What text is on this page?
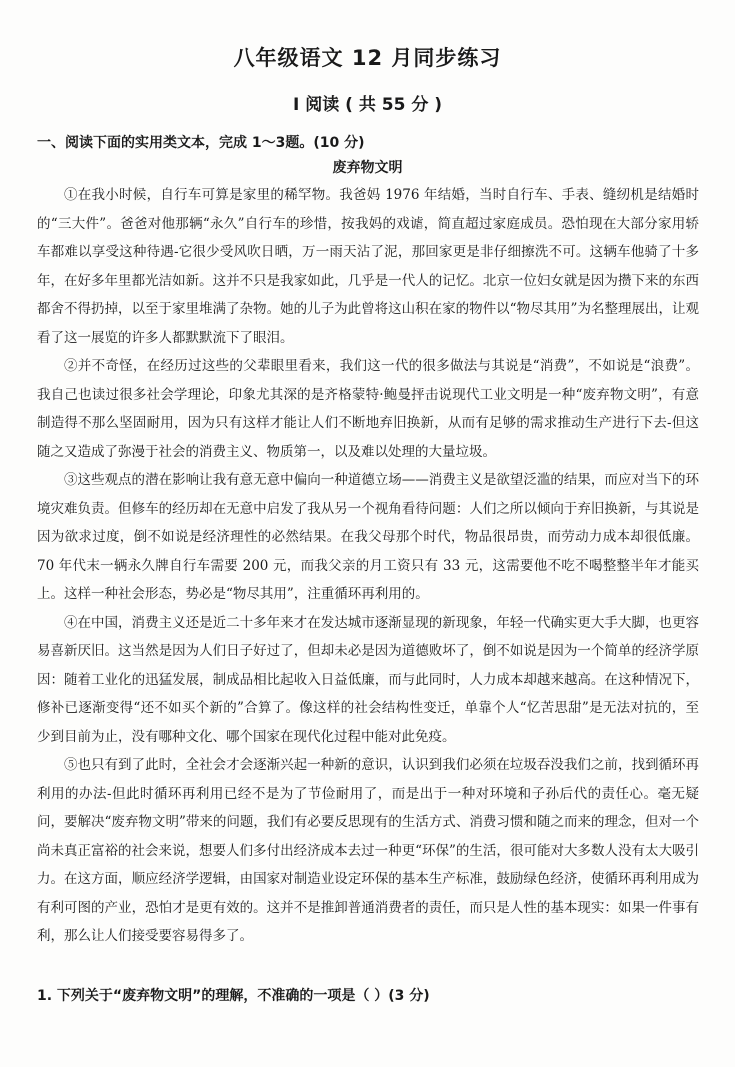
八年级语文 12 月同步练习
I 阅读 ( 共 55 分 )
一、阅读下面的实用类文本，完成 1～3题。(10 分)
废弃物文明

①在我小时候，自行车可算是家里的稀罕物。我爸妈 1976 年结婚，当时自行车、手表、缝纫机是结婚时的“三大件”。爸爸对他那辆“永久”自行车的珍惜，按我妈的戏谑，简直超过家庭成员。恐怕现在大部分家用轿车都难以享受这种待遇-它很少受风吹日晒，万一雨天沾了泥，那回家更是非仔细擦洗不可。这辆车他骑了十多年，在好多年里都光洁如新。这并不只是我家如此，几乎是一代人的记忆。北京一位妇女就是因为攒下来的东西都舍不得扔掉，以至于家里堆满了杂物。她的儿子为此曾将这山积在家的物件以“物尽其用”为名整理展出，让观看了这一展览的许多人都默默流下了眼泪。

②并不奇怪，在经历过这些的父辈眼里看来，我们这一代的很多做法与其说是“消费”，不如说是“浪费”。我自己也读过很多社会学理论，印象尤其深的是齐格蒙特·鲍曼抨击说现代工业文明是一种“废弃物文明”，有意制造得不那么坚固耐用，因为只有这样才能让人们不断地弃旧换新，从而有足够的需求推动生产进行下去-但这随之又造成了弥漫于社会的消费主义、物质第一，以及难以处理的大量垃圾。

③这些观点的潜在影响让我有意无意中偏向一种道德立场——消费主义是欲望泛滥的结果，而应对当下的环境灾难负责。但修车的经历却在无意中启发了我从另一个视角看待问题：人们之所以倾向于弃旧换新，与其说是因为欲求过度，倒不如说是经济理性的必然结果。在我父母那个时代，物品很昂贵，而劳动力成本却很低廉。70 年代末一辆永久牌自行车需要 200 元，而我父亲的月工资只有 33 元，这需要他不吃不喝整整半年才能买上。这样一种社会形态，势必是“物尽其用”，注重循环再利用的。

④在中国，消费主义还是近二十多年来才在发达城市逐渐显现的新现象，年轻一代确实更大手大脚，也更容易喜新厌旧。这当然是因为人们日子好过了，但却未必是因为道德败坏了，倒不如说是因为一个简单的经济学原因：随着工业化的迅猛发展，制成品相比起收入日益低廉，而与此同时，人力成本却越来越高。在这种情况下，修补已逐渐变得“还不如买个新的”合算了。像这样的社会结构性变迁，单靠个人“忆苦思甜”是无法对抗的，至少到目前为止，没有哪种文化、哪个国家在现代化过程中能对此免疫。

⑤也只有到了此时，全社会才会逐渐兴起一种新的意识，认识到我们必须在垃圾吞没我们之前，找到循环再利用的办法-但此时循环再利用已经不是为了节俭耐用了，而是出于一种对环境和子孙后代的责任心。毫无疑问，要解决“废弃物文明”带来的问题，我们有必要反思现有的生活方式、消费习惯和随之而来的理念，但对一个尚未真正富裕的社会来说，想要人们多付出经济成本去过一种更“环保”的生活，很可能对大多数人没有太大吸引力。在这方面，顺应经济学逻辑，由国家对制造业设定环保的基本生产标准，鼓励绿色经济，使循环再利用成为有利可图的产业，恐怕才是更有效的。这并不是推卸普通消费者的责任，而只是人性的基本现实：如果一件事有利，那么让人们接受要容易得多了。

1. 下列关于“废弃物文明”的理解，不准确的一项是（ ）(3 分)
